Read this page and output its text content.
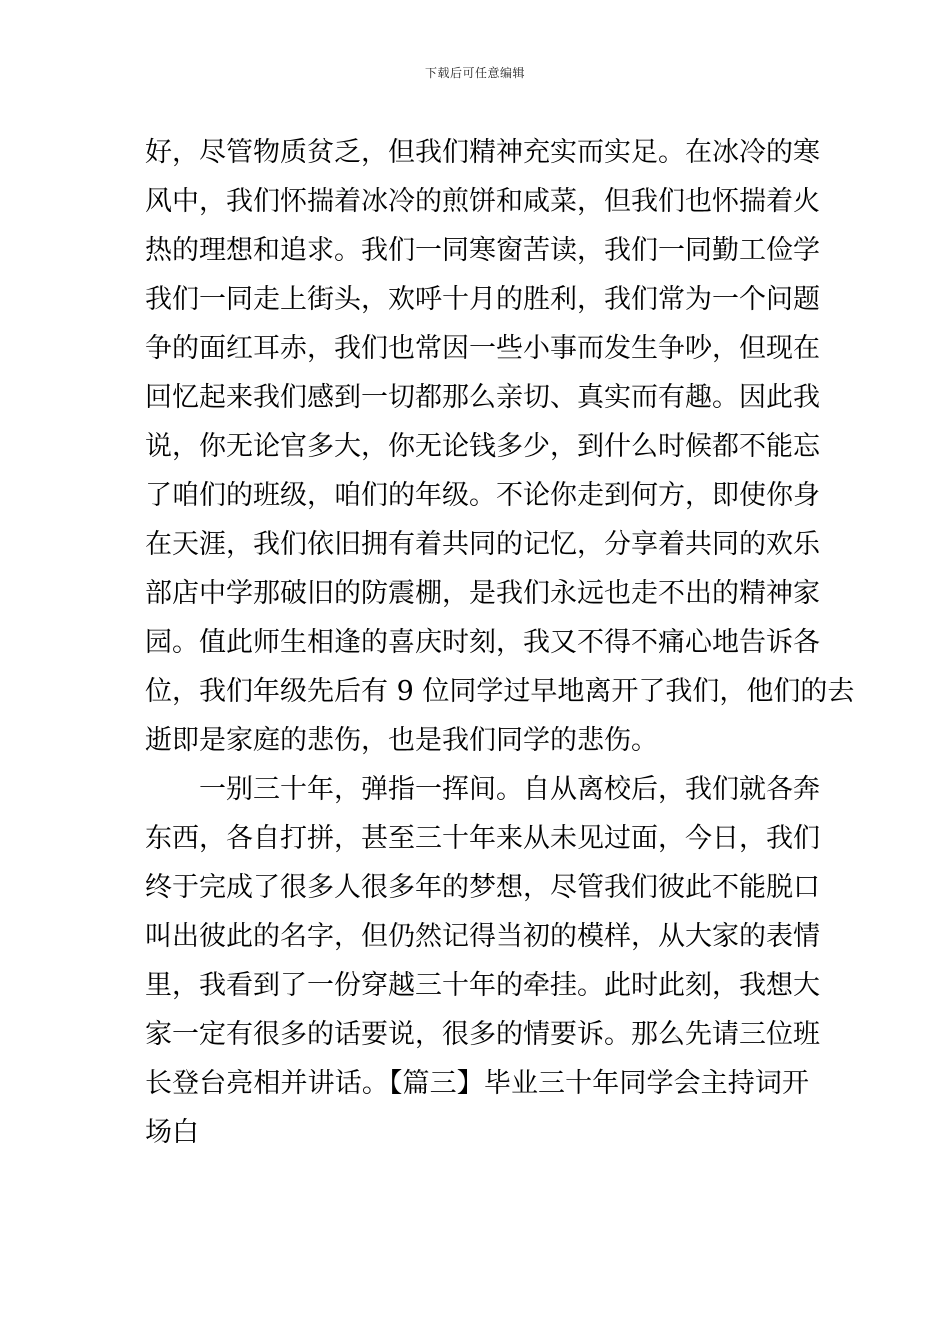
下载后可任意编辑
好，尽管物质贫乏，但我们精神充实而实足。在冰冷的寒
风中，我们怀揣着冰冷的煎饼和咸菜，但我们也怀揣着火
热的理想和追求。我们一同寒窗苦读，我们一同勤工俭学
我们一同走上街头，欢呼十月的胜利，我们常为一个问题
争的面红耳赤，我们也常因一些小事而发生争吵，但现在
回忆起来我们感到一切都那么亲切、真实而有趣。因此我
说，你无论官多大，你无论钱多少，到什么时候都不能忘
了咱们的班级，咱们的年级。不论你走到何方，即使你身
在天涯，我们依旧拥有着共同的记忆，分享着共同的欢乐
部店中学那破旧的防震棚，是我们永远也走不出的精神家
园。值此师生相逢的喜庆时刻，我又不得不痛心地告诉各
位，我们年级先后有 9 位同学过早地离开了我们，他们的去
逝即是家庭的悲伤，也是我们同学的悲伤。
一别三十年，弹指一挥间。自从离校后，我们就各奔
东西，各自打拼，甚至三十年来从未见过面，今日，我们
终于完成了很多人很多年的梦想，尽管我们彼此不能脱口
叫出彼此的名字，但仍然记得当初的模样，从大家的表情
里，我看到了一份穿越三十年的牵挂。此时此刻，我想大
家一定有很多的话要说，很多的情要诉。那么先请三位班
长登台亮相并讲话。【篇三】毕业三十年同学会主持词开
场白
